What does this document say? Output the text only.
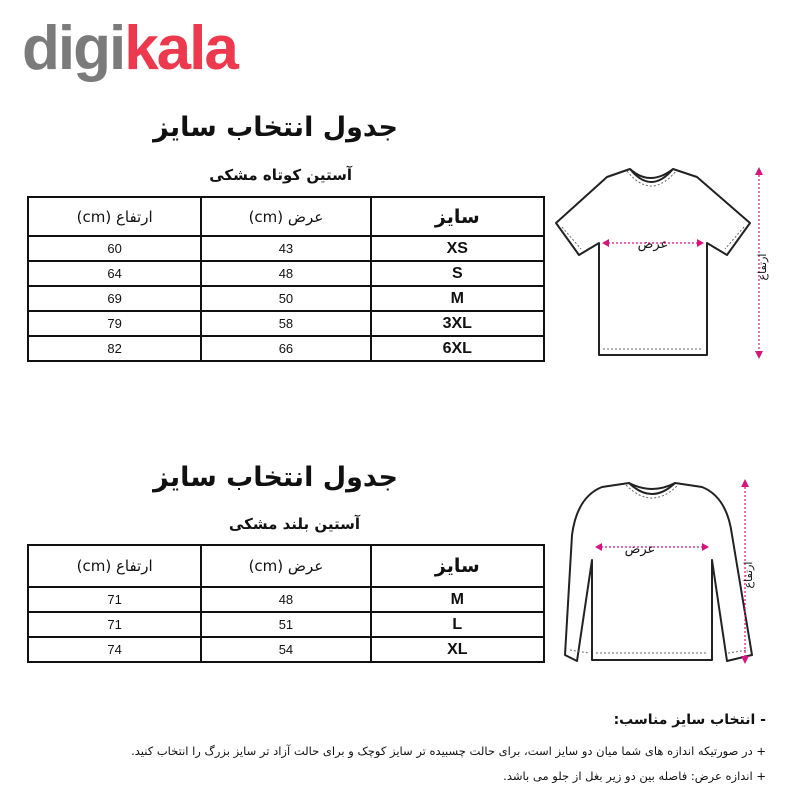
digikala
جدول انتخاب سایز
آستین کوتاه مشکی
سایز	عرض (cm)	ارتفاع (cm)
XS	43	60
S	48	64
M	50	69
3XL	58	79
6XL	66	82
عرض
ارتفاع
جدول انتخاب سایز
آستین بلند مشکی
سایز	عرض (cm)	ارتفاع (cm)
M	48	71
L	51	71
XL	54	74
عرض
ارتفاع
- انتخاب سایز مناسب:
+ در صورتیکه اندازه های شما میان دو سایز است، برای حالت چسبیده تر سایز کوچک و برای حالت آزاد تر سایز بزرگ را انتخاب کنید.
+ اندازه عرض: فاصله بین دو زیر بغل از جلو می باشد.
